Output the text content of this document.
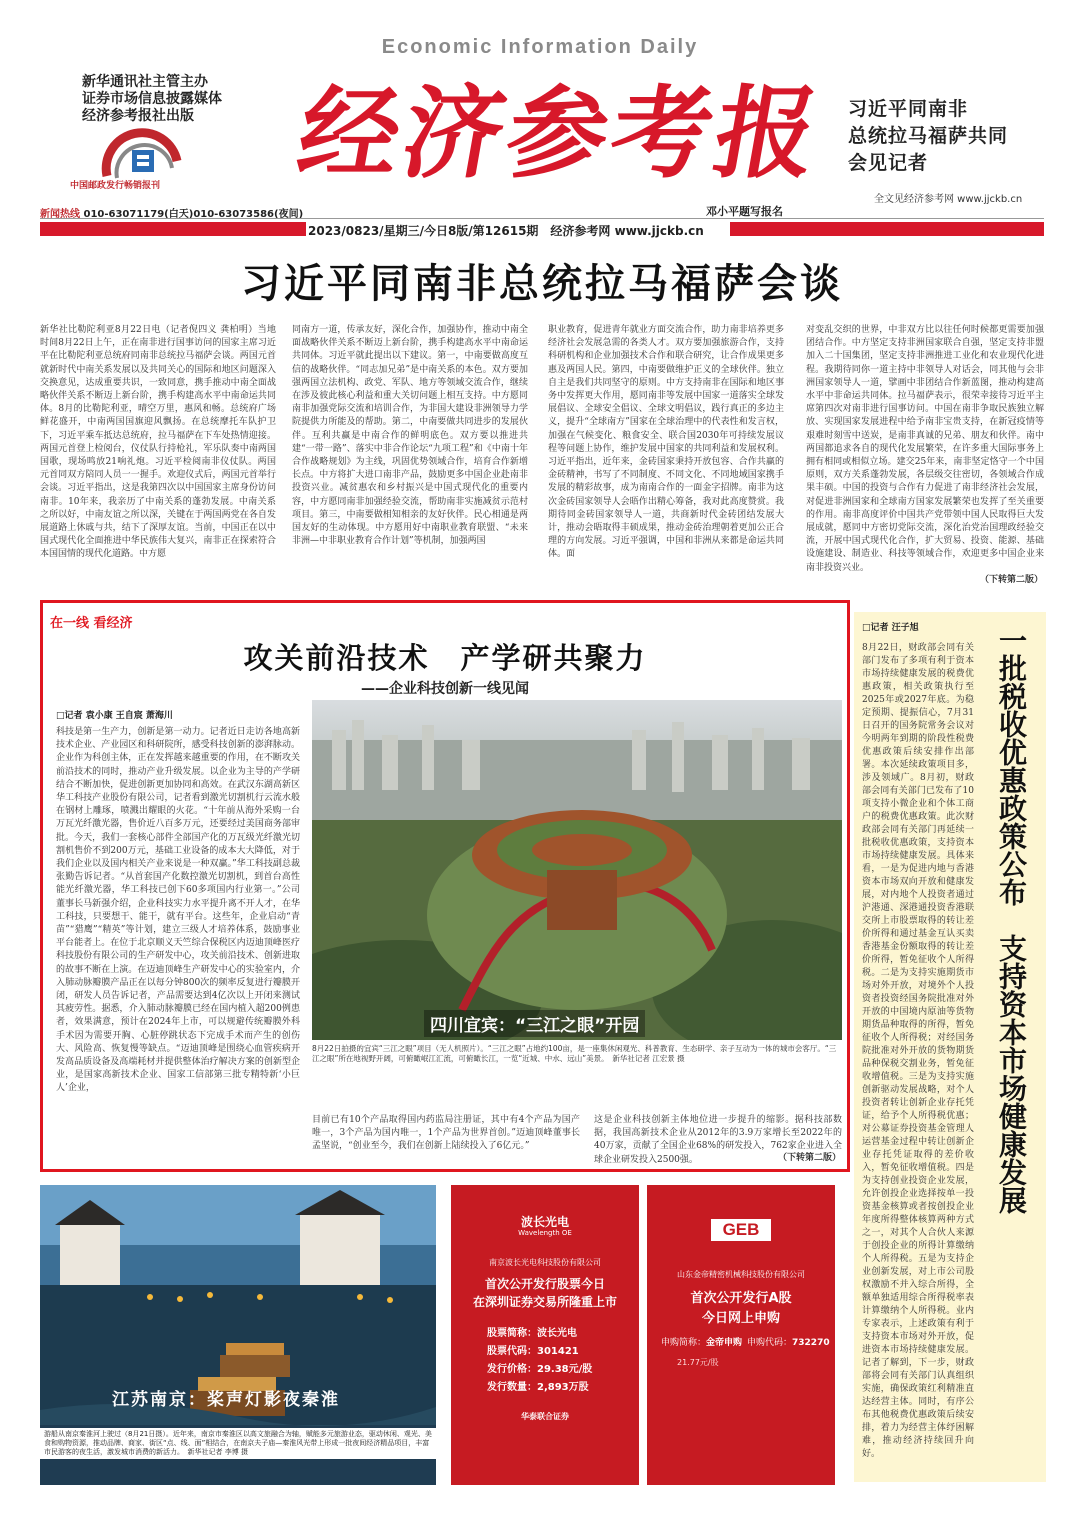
Economic Information Daily
新华通讯社主管主办
证券市场信息披露媒体
经济参考报社出版
中国邮政发行畅销报刊 经济参考报
邓小平题写报名
习近平同南非
总统拉马福萨共同
会见记者
全文见经济参考网 www.jjckb.cn
新闻热线 010-63071179(白天)010-63073586(夜间)
2023/0823/星期三/今日8版/第12615期　经济参考网 www.jjckb.cn
习近平同南非总统拉马福萨会谈
新华社比勒陀利亚8月22日电（记者倪四义 龚柏明）当地时间8月22日上午，正在南非进行国事访问的国家主席习近平在比勒陀利亚总统府同南非总统拉马福萨会谈。两国元首就新时代中南关系发展以及共同关心的国际和地区问题深入交换意见，达成重要共识，一致同意，携手推动中南全面战略伙伴关系不断迈上新台阶，携手构建高水平中南命运共同体。8月的比勒陀利亚，晴空万里，惠风和畅。总统府广场鲜花盛开，中南两国国旗迎风飘扬。在总统摩托车队护卫下，习近平乘车抵达总统府，拉马福萨在下车处热情迎接。两国元首登上检阅台，仪仗队行持枪礼，军乐队奏中南两国国歌，现场鸣放21响礼炮。习近平检阅南非仪仗队。两国元首同双方陪同人员一一握手。欢迎仪式后，两国元首举行会谈。习近平指出，这是我第四次以中国国家主席身份访问南非。10年来，我亲历了中南关系的蓬勃发展。中南关系之所以好，中南友谊之所以深，关键在于两国两党在各自发展道路上休戚与共，结下了深厚友谊。当前，中国正在以中国式现代化全面推进中华民族伟大复兴，南非正在探索符合本国国情的现代化道路。中方愿
同南方一道，传承友好，深化合作，加强协作，推动中南全面战略伙伴关系不断迈上新台阶，携手构建高水平中南命运共同体。习近平就此提出以下建议。第一，中南要做高度互信的战略伙伴。“同志加兄弟”是中南关系的本色。双方要加强两国立法机构、政党、军队、地方等领域交流合作，继续在涉及彼此核心利益和重大关切问题上相互支持。中方愿同南非加强党际交流和培训合作，为非国大建设非洲领导力学院提供力所能及的帮助。第二，中南要做共同进步的发展伙伴。互利共赢是中南合作的鲜明底色。双方要以推进共建“一带一路”、落实中非合作论坛“九项工程”和《中南十年合作战略规划》为主线，巩固优势领域合作，培育合作新增长点。中方将扩大进口南非产品，鼓励更多中国企业赴南非投资兴业。减贫惠农和乡村振兴是中国式现代化的重要内容，中方愿同南非加强经验交流，帮助南非实施减贫示范村项目。第三，中南要做相知相亲的友好伙伴。民心相通是两国友好的生动体现。中方愿用好中南职业教育联盟、“未来非洲—中非职业教育合作计划”等机制，加强两国
职业教育，促进青年就业方面交流合作，助力南非培养更多经济社会发展急需的各类人才。双方要加强旅游合作，支持科研机构和企业加强技术合作和联合研究，让合作成果更多惠及两国人民。第四，中南要做维护正义的全球伙伴。独立自主是我们共同坚守的原则。中方支持南非在国际和地区事务中发挥更大作用，愿同南非等发展中国家一道落实全球发展倡议、全球安全倡议、全球文明倡议，践行真正的多边主义，提升“全球南方”国家在全球治理中的代表性和发言权，加强在气候变化、粮食安全、联合国2030年可持续发展议程等问题上协作，维护发展中国家的共同利益和发展权利。习近平指出，近年来，金砖国家秉持开放包容、合作共赢的金砖精神，书写了不同制度、不同文化、不同地域国家携手发展的精彩故事，成为南南合作的一面金字招牌。南非为这次金砖国家领导人会晤作出精心筹备，我对此高度赞赏。我期待同金砖国家领导人一道，共商新时代金砖团结发展大计，推动会晤取得丰硕成果，推动金砖治理朝着更加公正合理的方向发展。习近平强调，中国和非洲从来都是命运共同体。面
对变乱交织的世界，中非双方比以往任何时候都更需要加强团结合作。中方坚定支持非洲国家联合自强，坚定支持非盟加入二十国集团，坚定支持非洲推进工业化和农业现代化进程。我期待同你一道主持中非领导人对话会，同其他与会非洲国家领导人一道，擘画中非团结合作新蓝图，推动构建高水平中非命运共同体。拉马福萨表示，很荣幸接待习近平主席第四次对南非进行国事访问。中国在南非争取民族独立解放、实现国家发展进程中给予南非宝贵支持，在新冠疫情等艰难时刻雪中送炭，是南非真诚的兄弟、朋友和伙伴。南中两国都追求各自的现代化发展繁荣，在许多重大国际事务上拥有相同或相似立场。建交25年来，南非坚定恪守一个中国原则，双方关系蓬勃发展，各层级交往密切，各领域合作成果丰硕。中国的投资与合作有力促进了南非经济社会发展，对促进非洲国家和全球南方国家发展繁荣也发挥了至关重要的作用。南非高度评价中国共产党带领中国人民取得巨大发展成就，愿同中方密切党际交流，深化治党治国理政经验交流，开展中国式现代化合作，扩大贸易、投资、能源、基础设施建设、制造业、科技等领域合作，欢迎更多中国企业来南非投资兴业。
（下转第二版）
在一线 看经济
攻关前沿技术　产学研共聚力
——企业科技创新一线见闻
□记者 袁小康 王自宸 萧海川
科技是第一生产力，创新是第一动力。记者近日走访各地高新技术企业、产业园区和科研院所，感受科技创新的澎湃脉动。企业作为科创主体，正在发挥越来越重要的作用，在不断攻关前沿技术的同时，推动产业升级发展。以企业为主导的产学研结合不断加快，促进创新更加协同和高效。在武汉东湖高新区华工科技产业股份有限公司，记者看到激光切割机行云流水般在钢材上雕琢，喷溅出耀眼的火花。“十年前从海外采购一台万瓦光纤激光器，售价近八百多万元，还要经过美国商务部审批。今天，我们一套核心部件全部国产化的万瓦级光纤激光切割机售价不到200万元，基础工业设备的成本大大降低，对于我们企业以及国内相关产业来说是一种双赢。”华工科技副总裁张勤告诉记者。“从首套国产化数控激光切割机，到首台高性能光纤激光器，华工科技已创下60多项国内行业第一。”公司董事长马新强介绍，企业科技实力水平提升离不开人才，在华工科技，只要想干、能干，就有平台。这些年，企业启动“青苗”“猎鹰”“精英”等计划，建立三级人才培养体系，鼓励事业平台能者上。在位于北京顺义天竺综合保税区内迈迪顶峰医疗科技股份有限公司的生产研发中心，攻关前沿技术、创新进取的故事不断在上演。在迈迪顶峰生产研发中心的实验室内，介入肺动脉瓣膜产品正在以每分钟800次的频率反复进行瓣膜开闭，研发人员告诉记者，产品需要达到4亿次以上开闭来测试其疲劳性。据悉，介入肺动脉瓣膜已经在国内植入超200例患者，效果满意，预计在2024年上市，可以规避传统瓣膜外科手术因为需要开胸、心脏停跳状态下完成手术而产生的创伤大、风险高、恢复慢等缺点。“迈迪顶峰是围绕心血管疾病开发高品质设备及高端耗材并提供整体治疗解决方案的创新型企业，是国家高新技术企业、国家工信部第三批专精特新‘小巨人’企业，
四川宜宾：“三江之眼”开园
8月22日拍摄的宜宾“三江之眼”项目（无人机照片）。“三江之眼”占地约100亩，是一座集休闲观光、科普教育、生态研学、亲子互动为一体的城市会客厅。“三江之眼”所在地视野开阔，可俯瞰岷江汇流，可俯瞰长江，一览“近城、中水、远山”美景。　新华社记者 江宏景 摄
目前已有10个产品取得国内药监局注册证，其中有4个产品为国产唯一，3个产品为国内唯一，1个产品为世界首创。”迈迪顶峰董事长孟坚说，“创业至今，我们在创新上陆续投入了6亿元。”
这是企业科技创新主体地位进一步提升的缩影。据科技部数据，我国高新技术企业从2012年的3.9万家增长至2022年的40万家，贡献了全国企业68%的研发投入，762家企业进入全球企业研发投入2500强。	（下转第二版）
□记者 汪子旭
8月22日，财政部会同有关部门发布了多项有利于资本市场持续健康发展的税费优惠政策，相关政策执行至2025年或2027年底。为稳定预期、提振信心，7月31日召开的国务院常务会议对今明两年到期的阶段性税费优惠政策后续安排作出部署。本次延续政策项目多，涉及领域广。8月初，财政部会同有关部门已发布了10项支持小微企业和个体工商户的税费优惠政策。此次财政部会同有关部门再延续一批税收优惠政策，支持资本市场持续健康发展。具体来看，一是为促进内地与香港资本市场双向开放和健康发展，对内地个人投资者通过沪港通、深港通投资香港联交所上市股票取得的转让差价所得和通过基金互认买卖香港基金份额取得的转让差价所得，暂免征收个人所得税。二是为支持实施期货市场对外开放，对境外个人投资者投资经国务院批准对外开放的中国境内原油等货物期货品种取得的所得，暂免征收个人所得税；对经国务院批准对外开放的货物期货品种保税交割业务，暂免征收增值税。三是为支持实施创新驱动发展战略，对个人投资者转让创新企业存托凭证，给予个人所得税优惠；对公募证券投资基金管理人运营基金过程中转让创新企业存托凭证取得的差价收入，暂免征收增值税。四是为支持创业投资企业发展，允许创投企业选择按单一投资基金核算或者按创投企业年度所得整体核算两种方式之一，对其个人合伙人来源于创投企业的所得计算缴纳个人所得税。五是为支持企业创新发展，对上市公司股权激励不并入综合所得，全额单独适用综合所得税率表计算缴纳个人所得税。业内专家表示，上述政策有利于支持资本市场对外开放，促进资本市场持续健康发展。记者了解到，下一步，财政部将会同有关部门认真组织实施，确保政策红利精准直达经营主体。同时，有序公布其他税费优惠政策后续安排，着力为经营主体纾困解难，推动经济持续回升向好。
一批税收优惠政策公布　支持资本市场健康发展
江苏南京：桨声灯影夜秦淮
游船从南京秦淮河上驶过（8月21日摄）。近年来，南京市秦淮区以高文旅融合为轴，赋能多元旅游业态，驱动休闲、观光、美食和购物资源，推动品牌、商家、街区“点、线、面”相结合，在南京夫子庙—秦淮风光带上形成一批夜间经济精品项目，丰富市民游客的夜生活，激发城市消费的新活力。　新华社记者 李博 摄
波长光电
Wavelength OE
南京波长光电科技股份有限公司
首次公开发行股票今日
在深圳证券交易所隆重上市
股票简称：波长光电
股票代码：301421
发行价格：29.38元/股
发行数量：2,893万股
华泰联合证券
GEB
山东金帝精密机械科技股份有限公司
首次公开发行A股
今日网上申购
申购简称：金帝申购 申购代码：732270
21.77元/股
